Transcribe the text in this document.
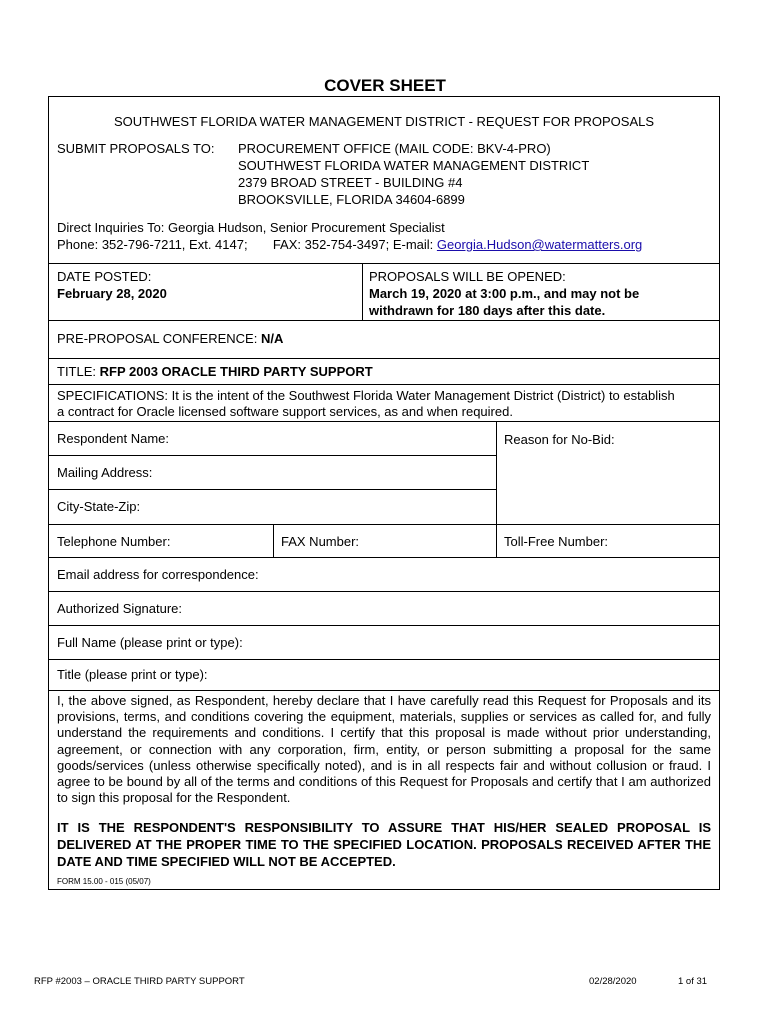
COVER SHEET
SOUTHWEST FLORIDA WATER MANAGEMENT DISTRICT - REQUEST FOR PROPOSALS
SUBMIT PROPOSALS TO: PROCUREMENT OFFICE (MAIL CODE: BKV-4-PRO)
SOUTHWEST FLORIDA WATER MANAGEMENT DISTRICT
2379 BROAD STREET - BUILDING #4
BROOKSVILLE, FLORIDA 34604-6899
Direct Inquiries To: Georgia Hudson, Senior Procurement Specialist
Phone: 352-796-7211, Ext. 4147; FAX: 352-754-3497; E-mail: Georgia.Hudson@watermatters.org
DATE POSTED:
February 28, 2020
PROPOSALS WILL BE OPENED:
March 19, 2020 at 3:00 p.m., and may not be
withdrawn for 180 days after this date.
PRE-PROPOSAL CONFERENCE: N/A
TITLE: RFP 2003 ORACLE THIRD PARTY SUPPORT
SPECIFICATIONS: It is the intent of the Southwest Florida Water Management District (District) to establish
a contract for Oracle licensed software support services, as and when required.
Reason for No-Bid:
Respondent Name:
Mailing Address:
City-State-Zip:
Telephone Number:	FAX Number:	Toll-Free Number:
Email address for correspondence:
Authorized Signature:
Full Name (please print or type):
Title (please print or type):
I, the above signed, as Respondent, hereby declare that I have carefully read this Request for Proposals and its provisions, terms, and conditions covering the equipment, materials, supplies or services as called for, and fully understand the requirements and conditions. I certify that this proposal is made without prior understanding, agreement, or connection with any corporation, firm, entity, or person submitting a proposal for the same goods/services (unless otherwise specifically noted), and is in all respects fair and without collusion or fraud. I agree to be bound by all of the terms and conditions of this Request for Proposals and certify that I am authorized to sign this proposal for the Respondent.
IT IS THE RESPONDENT'S RESPONSIBILITY TO ASSURE THAT HIS/HER SEALED PROPOSAL IS DELIVERED AT THE PROPER TIME TO THE SPECIFIED LOCATION. PROPOSALS RECEIVED AFTER THE DATE AND TIME SPECIFIED WILL NOT BE ACCEPTED.
FORM 15.00 - 015 (05/07)
RFP #2003 – ORACLE THIRD PARTY SUPPORT	02/28/2020	1 of 31
